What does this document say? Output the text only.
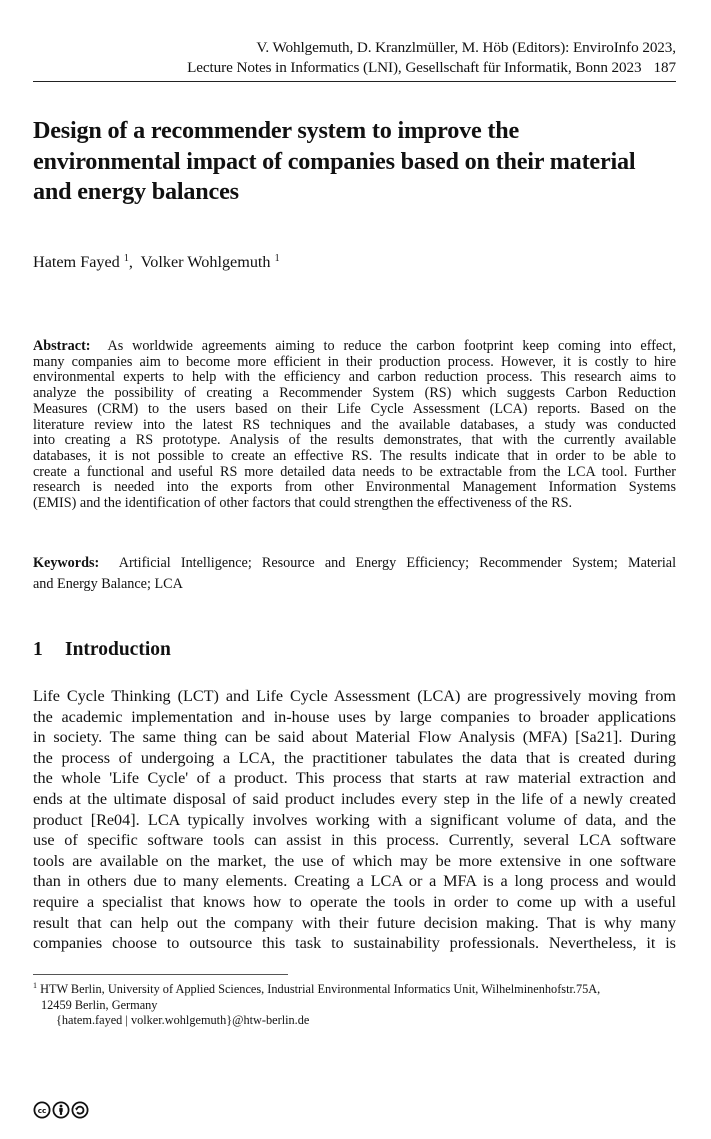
V. Wohlgemuth, D. Kranzlmüller, M. Höb (Editors): EnviroInfo 2023,
Lecture Notes in Informatics (LNI), Gesellschaft für Informatik, Bonn 2023 187
Design of a recommender system to improve the
environmental impact of companies based on their material
and energy balances
Hatem Fayed $^1$, Volker Wohlgemuth $^1$
Abstract: As worldwide agreements aiming to reduce the carbon footprint keep coming into effect,
many companies aim to become more efficient in their production process. However, it is costly to hire
environmental experts to help with the efficiency and carbon reduction process. This research aims to
analyze the possibility of creating a Recommender System (RS) which suggests Carbon Reduction
Measures (CRM) to the users based on their Life Cycle Assessment (LCA) reports. Based on the
literature review into the latest RS techniques and the available databases, a study was conducted
into creating a RS prototype. Analysis of the results demonstrates, that with the currently available
databases, it is not possible to create an effective RS. The results indicate that in order to be able to
create a functional and useful RS more detailed data needs to be extractable from the LCA tool. Further
research is needed into the exports from other Environmental Management Information Systems
(EMIS) and the identification of other factors that could strengthen the effectiveness of the RS.
Keywords: Artificial Intelligence; Resource and Energy Efficiency; Recommender System; Material
and Energy Balance; LCA
1 Introduction
Life Cycle Thinking (LCT) and Life Cycle Assessment (LCA) are progressively moving from
the academic implementation and in-house uses by large companies to broader applications
in society. The same thing can be said about Material Flow Analysis (MFA) [Sa21]. During
the process of undergoing a LCA, the practitioner tabulates the data that is created during
the whole 'Life Cycle' of a product. This process that starts at raw material extraction and
ends at the ultimate disposal of said product includes every step in the life of a newly created
product [Re04]. LCA typically involves working with a significant volume of data, and the
use of specific software tools can assist in this process. Currently, several LCA software
tools are available on the market, the use of which may be more extensive in one software
than in others due to many elements. Creating a LCA or a MFA is a long process and would
require a specialist that knows how to operate the tools in order to come up with a useful
result that can help out the company with their future decision making. That is why many
companies choose to outsource this task to sustainability professionals. Nevertheless, it is
$^1$ HTW Berlin, University of Applied Sciences, Industrial Environmental Informatics Unit, Wilhelminenhofstr.75A,
12459 Berlin, Germany
{hatem.fayed | volker.wohlgemuth}@htw-berlin.de
cc
